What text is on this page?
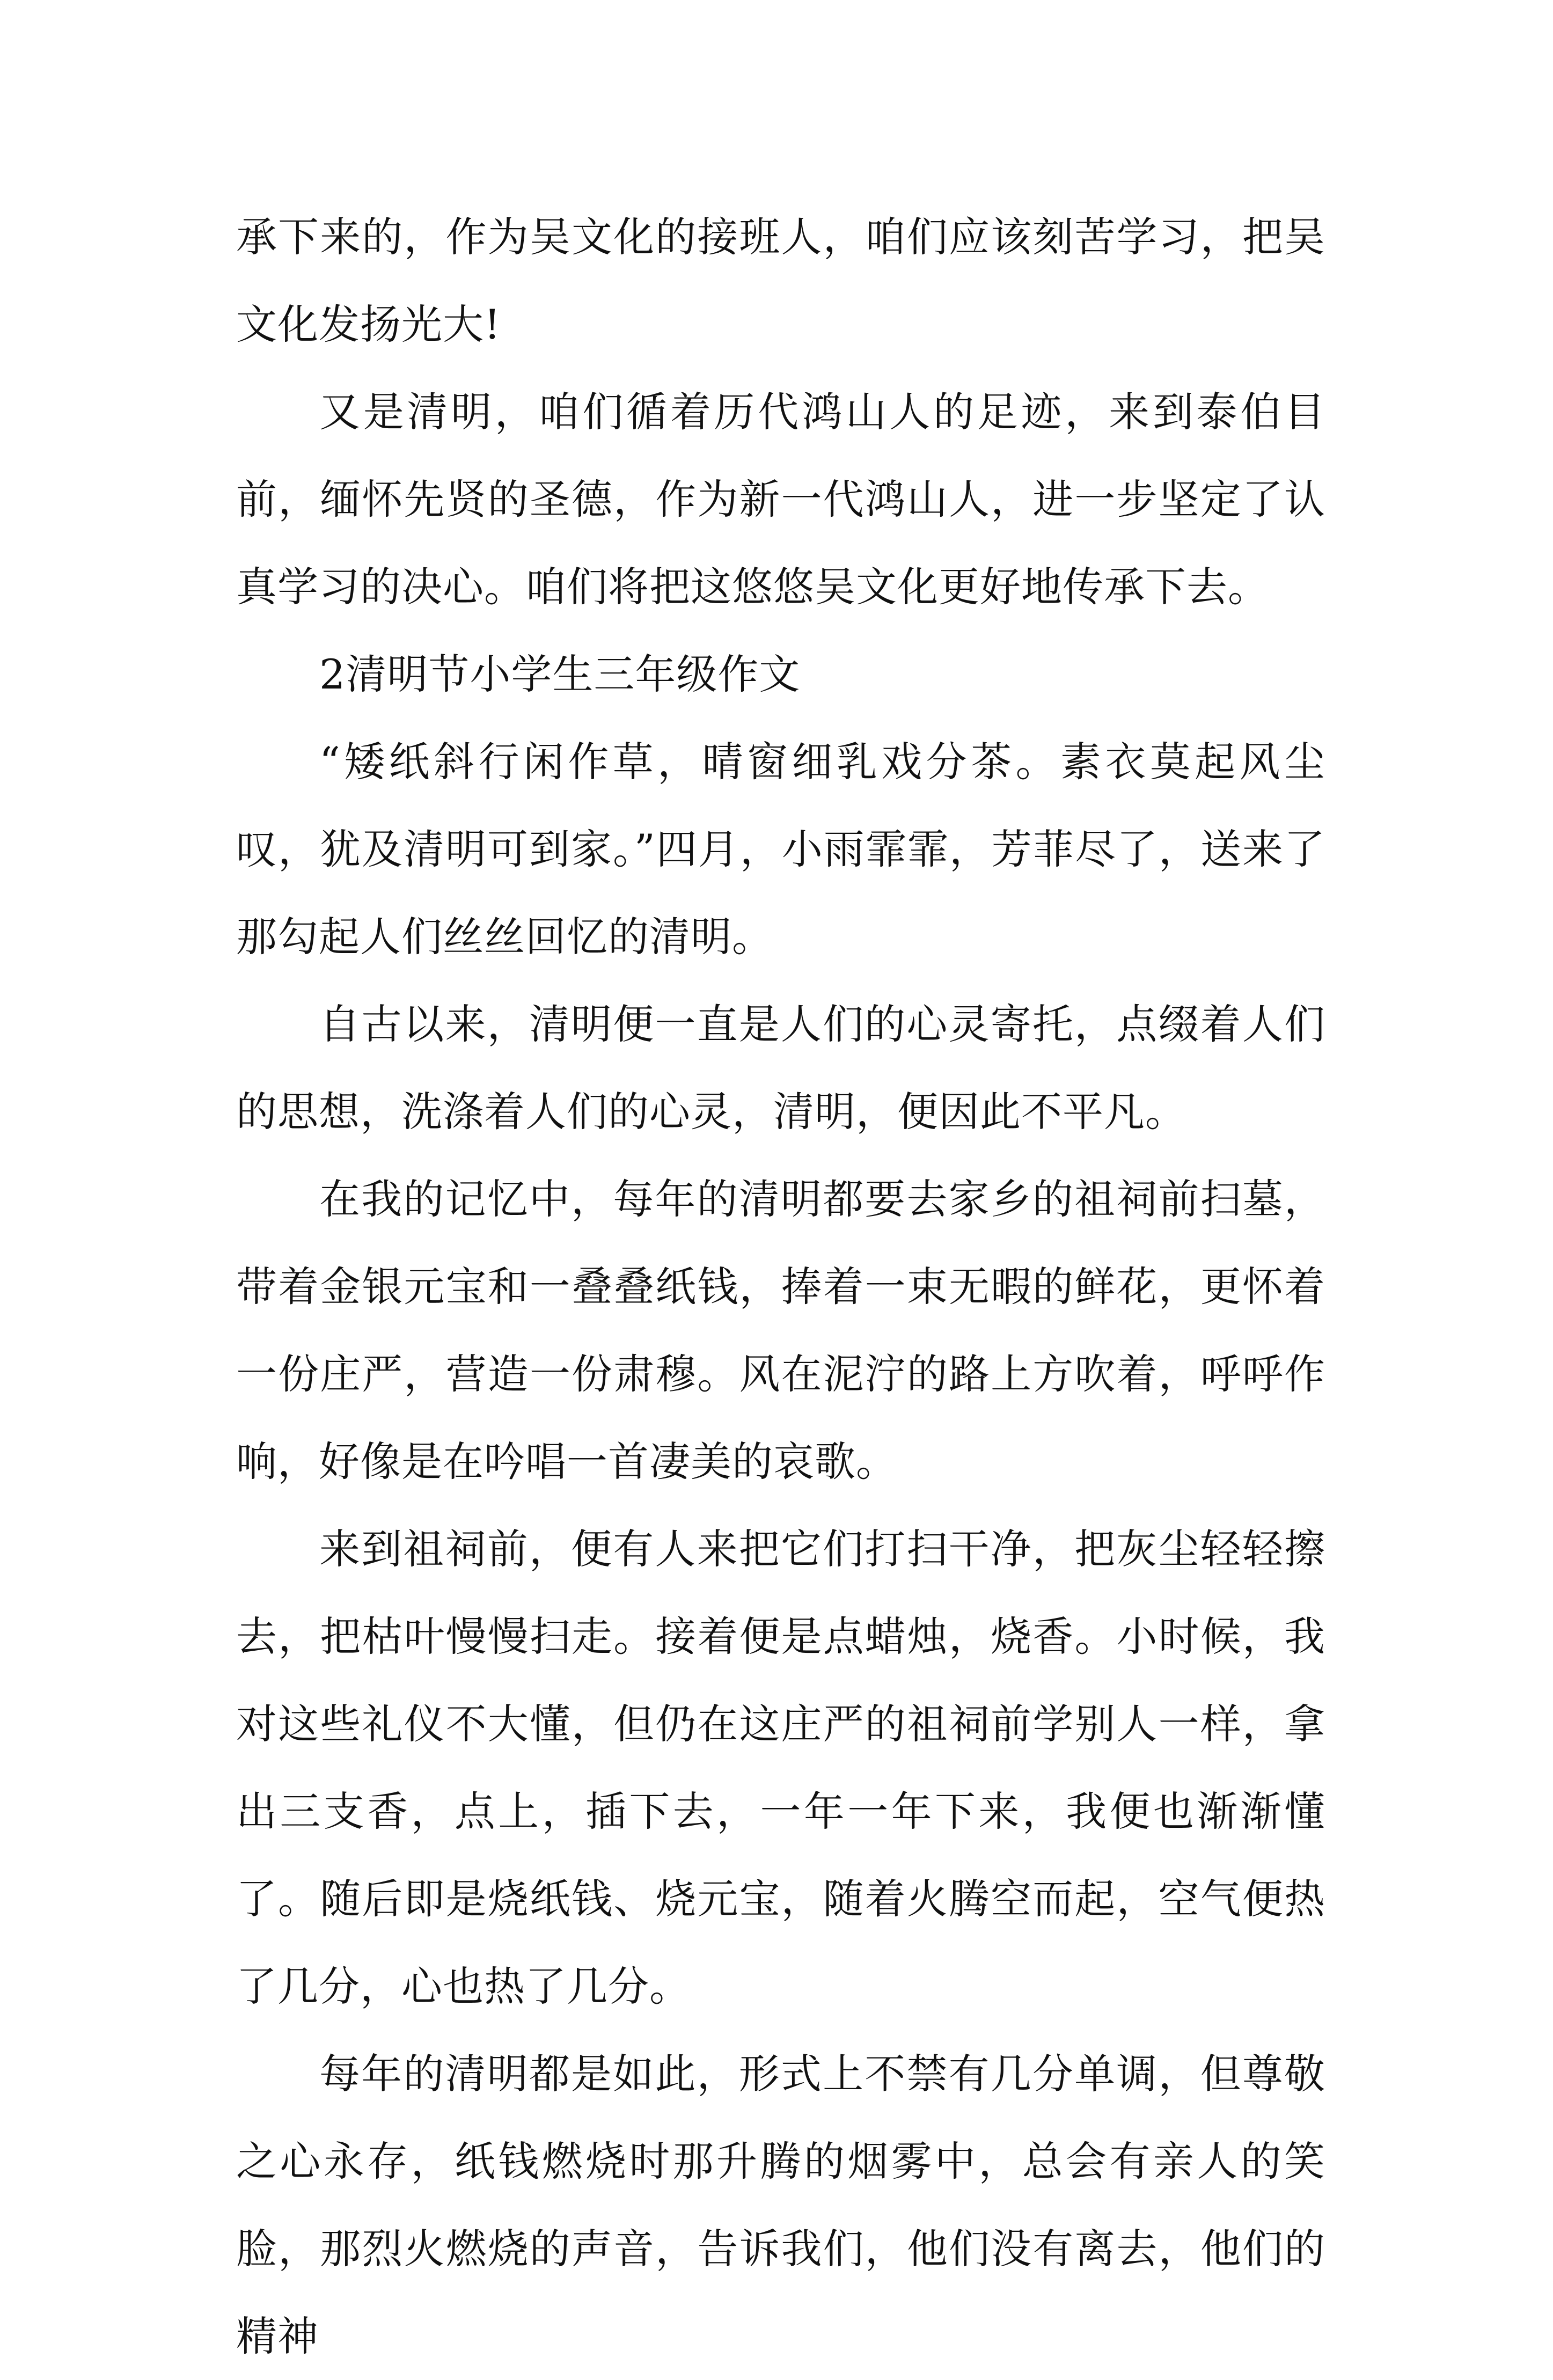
承下来的，作为吴文化的接班人，咱们应该刻苦学习，把吴文化发扬光大!

又是清明，咱们循着历代鸿山人的足迹，来到泰伯目前，缅怀先贤的圣德，作为新一代鸿山人，进一步坚定了认真学习的决心。咱们将把这悠悠吴文化更好地传承下去。

2清明节小学生三年级作文

“矮纸斜行闲作草，晴窗细乳戏分茶。素衣莫起风尘叹，犹及清明可到家。”四月，小雨霏霏，芳菲尽了，送来了那勾起人们丝丝回忆的清明。

自古以来，清明便一直是人们的心灵寄托，点缀着人们的思想，洗涤着人们的心灵，清明，便因此不平凡。

在我的记忆中，每年的清明都要去家乡的祖祠前扫墓，带着金银元宝和一叠叠纸钱，捧着一束无暇的鲜花，更怀着一份庄严，营造一份肃穆。风在泥泞的路上方吹着，呼呼作响，好像是在吟唱一首凄美的哀歌。

来到祖祠前，便有人来把它们打扫干净，把灰尘轻轻擦去，把枯叶慢慢扫走。接着便是点蜡烛，烧香。小时候，我对这些礼仪不大懂，但仍在这庄严的祖祠前学别人一样，拿出三支香，点上，插下去，一年一年下来，我便也渐渐懂了。随后即是烧纸钱、烧元宝，随着火腾空而起，空气便热了几分，心也热了几分。

每年的清明都是如此，形式上不禁有几分单调，但尊敬之心永存，纸钱燃烧时那升腾的烟雾中，总会有亲人的笑脸，那烈火燃烧的声音，告诉我们，他们没有离去，他们的精神
